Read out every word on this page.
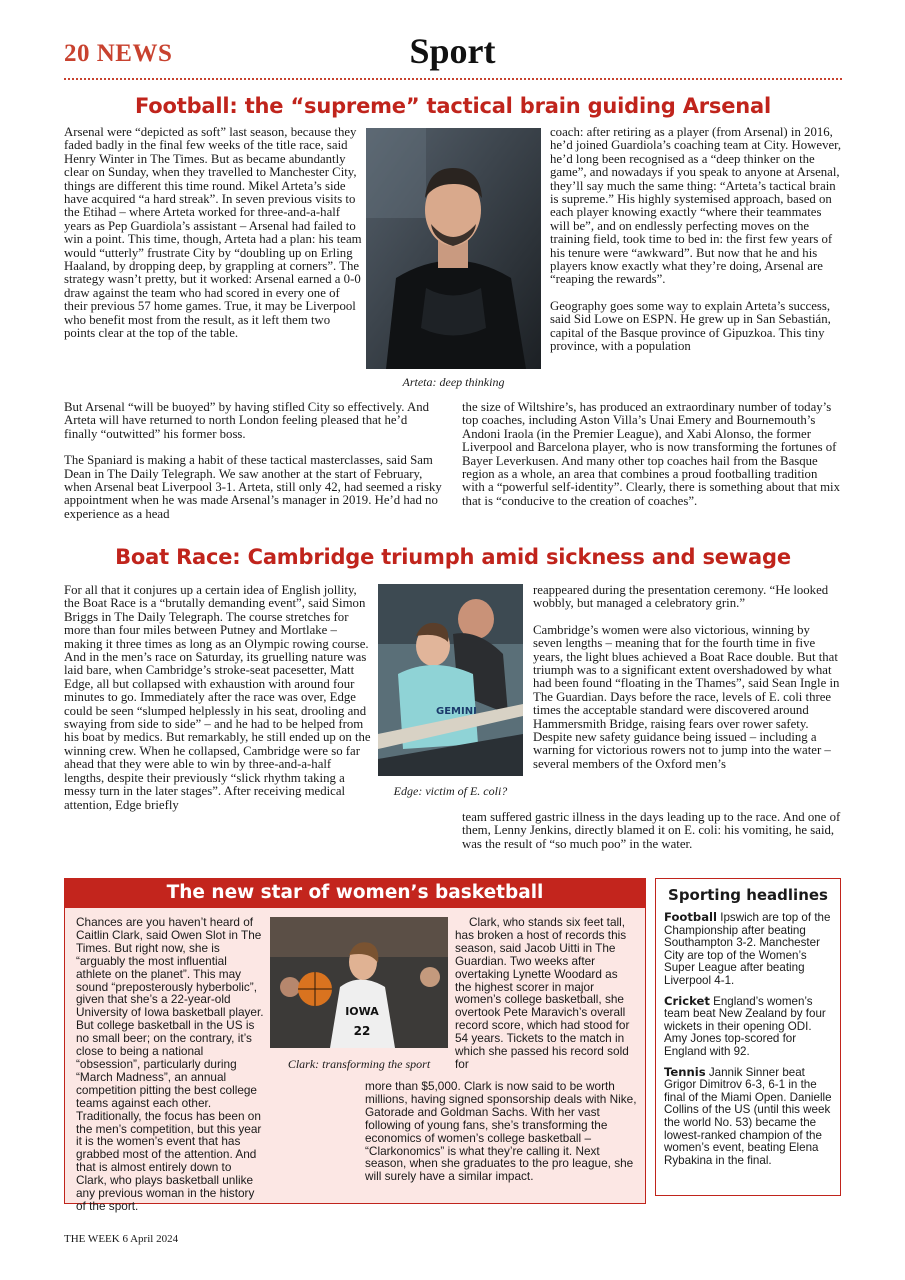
20 NEWS	Sport
Football: the “supreme” tactical brain guiding Arsenal

Arsenal were “depicted as soft” last season, because they faded badly in the final few weeks of the title race, said Henry Winter in The Times. But as became abundantly clear on Sunday, when they travelled to Manchester City, things are different this time round. Mikel Arteta’s side have acquired “a hard streak”. In seven previous visits to the Etihad – where Arteta worked for three-and-a-half years as Pep Guardiola’s assistant – Arsenal had failed to win a point. This time, though, Arteta had a plan: his team would “utterly” frustrate City by “doubling up on Erling Haaland, by dropping deep, by grappling at corners”. The strategy wasn’t pretty, but it worked: Arsenal earned a 0-0 draw against the team who had scored in every one of their previous 57 home games. True, it may be Liverpool who benefit most from the result, as it left them two points clear at the top of the table.

Arteta: deep thinking

coach: after retiring as a player (from Arsenal) in 2016, he’d joined Guardiola’s coaching team at City. However, he’d long been recognised as a “deep thinker on the game”, and nowadays if you speak to anyone at Arsenal, they’ll say much the same thing: “Arteta’s tactical brain is supreme.” His highly systemised approach, based on each player knowing exactly “where their teammates will be”, and on endlessly perfecting moves on the training field, took time to bed in: the first few years of his tenure were “awkward”. But now that he and his players know exactly what they’re doing, Arsenal are “reaping the rewards”.

Geography goes some way to explain Arteta’s success, said Sid Lowe on ESPN. He grew up in San Sebastián, capital of the Basque province of Gipuzkoa. This tiny province, with a population

But Arsenal “will be buoyed” by having stifled City so effectively. And Arteta will have returned to north London feeling pleased that he’d finally “outwitted” his former boss.

The Spaniard is making a habit of these tactical masterclasses, said Sam Dean in The Daily Telegraph. We saw another at the start of February, when Arsenal beat Liverpool 3-1. Arteta, still only 42, had seemed a risky appointment when he was made Arsenal’s manager in 2019. He’d had no experience as a head

the size of Wiltshire’s, has produced an extraordinary number of today’s top coaches, including Aston Villa’s Unai Emery and Bournemouth’s Andoni Iraola (in the Premier League), and Xabi Alonso, the former Liverpool and Barcelona player, who is now transforming the fortunes of Bayer Leverkusen. And many other top coaches hail from the Basque region as a whole, an area that combines a proud footballing tradition with a “powerful self-identity”. Clearly, there is something about that mix that is “conducive to the creation of coaches”.

Boat Race: Cambridge triumph amid sickness and sewage

For all that it conjures up a certain idea of English jollity, the Boat Race is a “brutally demanding event”, said Simon Briggs in The Daily Telegraph. The course stretches for more than four miles between Putney and Mortlake – making it three times as long as an Olympic rowing course. And in the men’s race on Saturday, its gruelling nature was laid bare, when Cambridge’s stroke-seat pacesetter, Matt Edge, all but collapsed with exhaustion with around four minutes to go. Immediately after the race was over, Edge could be seen “slumped helplessly in his seat, drooling and swaying from side to side” – and he had to be helped from his boat by medics. But remarkably, he still ended up on the winning crew. When he collapsed, Cambridge were so far ahead that they were able to win by three-and-a-half lengths, despite their previously “slick rhythm taking a messy turn in the later stages”. After receiving medical attention, Edge briefly

GEMINI
Edge: victim of E. coli?

reappeared during the presentation ceremony. “He looked wobbly, but managed a celebratory grin.”

Cambridge’s women were also victorious, winning by seven lengths – meaning that for the fourth time in five years, the light blues achieved a Boat Race double. But that triumph was to a significant extent overshadowed by what had been found “floating in the Thames”, said Sean Ingle in The Guardian. Days before the race, levels of E. coli three times the acceptable standard were discovered around Hammersmith Bridge, raising fears over rower safety. Despite new safety guidance being issued – including a warning for victorious rowers not to jump into the water – several members of the Oxford men’s

team suffered gastric illness in the days leading up to the race. And one of them, Lenny Jenkins, directly blamed it on E. coli: his vomiting, he said, was the result of “so much poo” in the water.

The new star of women’s basketball
Chances are you haven’t heard of Caitlin Clark, said Owen Slot in The Times. But right now, she is “arguably the most influential athlete on the planet”. This may sound “preposterously hyberbolic”, given that she’s a 22-year-old University of Iowa basketball player. But college basketball in the US is no small beer; on the contrary, it’s close to being a national “obsession”, particularly during “March Madness”, an annual competition pitting the best college teams against each other. Traditionally, the focus has been on the men’s competition, but this year it is the women’s event that has grabbed most of the attention. And that is almost entirely down to Clark, who plays basketball unlike any previous woman in the history of the sport.
IOWA
22
Clark: transforming the sport
Clark, who stands six feet tall, has broken a host of records this season, said Jacob Uitti in The Guardian. Two weeks after overtaking Lynette Woodard as the highest scorer in major women’s college basketball, she overtook Pete Maravich’s overall record score, which had stood for 54 years. Tickets to the match in which she passed his record sold for
more than $5,000. Clark is now said to be worth millions, having signed sponsorship deals with Nike, Gatorade and Goldman Sachs. With her vast following of young fans, she’s transforming the economics of women’s college basketball – “Clarkonomics” is what they’re calling it. Next season, when she graduates to the pro league, she will surely have a similar impact.
Sporting headlines
Football Ipswich are top of the Championship after beating Southampton 3-2. Manchester City are top of the Women’s Super League after beating Liverpool 4-1.
Cricket England’s women’s team beat New Zealand by four wickets in their opening ODI. Amy Jones top-scored for England with 92.
Tennis Jannik Sinner beat Grigor Dimitrov 6-3, 6-1 in the final of the Miami Open. Danielle Collins of the US (until this week the world No. 53) became the lowest-ranked champion of the women’s event, beating Elena Rybakina in the final.
THE WEEK 6 April 2024
